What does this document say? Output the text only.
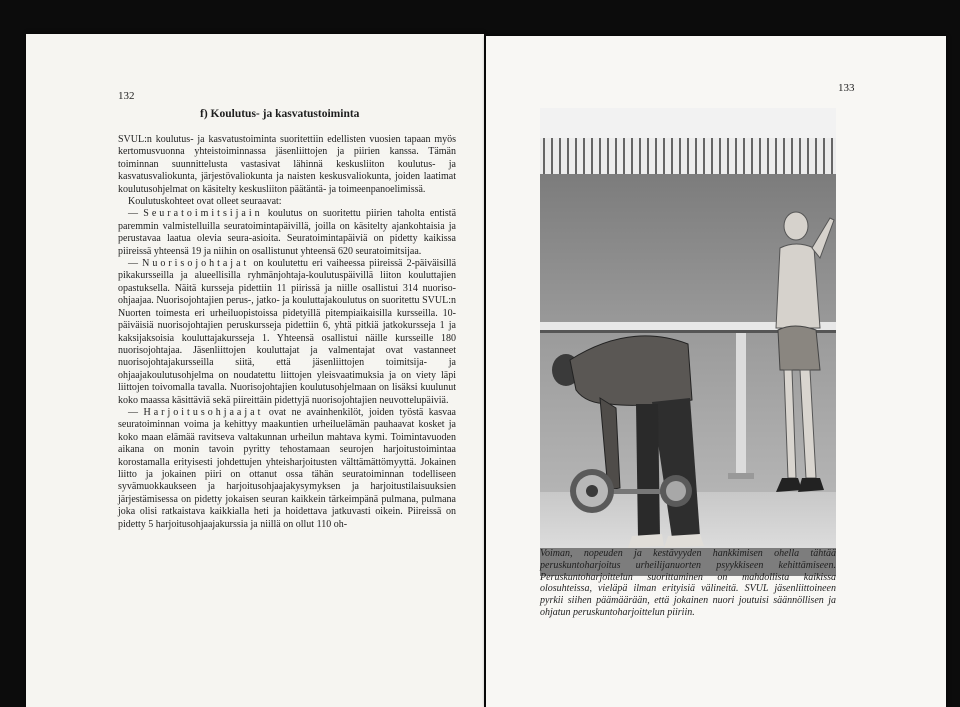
132
f) Koulutus- ja kasvatustoiminta

SVUL:n koulutus- ja kasvatustoiminta suoritettiin edellisten vuosien tapaan myös kertomusvuonna yhteistoiminnassa jäsenliittojen ja piirien kanssa. Tämän toiminnan suunnittelusta vastasivat lähinnä keskusliiton koulutus- ja kasvatusvaliokunta, järjestövaliokunta ja naisten keskusvaliokunta, joiden laatimat koulutusohjelmat on käsitelty keskusliiton päätäntä- ja toimeenpanoelimissä.

Koulutuskohteet ovat olleet seuraavat:

— Seuratoimitsijain koulutus on suoritettu piirien taholta entistä paremmin valmistelluilla seuratoimintapäivillä, joilla on käsitelty ajankohtaisia ja perustavaa laatua olevia seura-asioita. Seuratoimintapäiviä on pidetty kaikissa piireissä yhteensä 19 ja niihin on osallistunut yhteensä 620 seuratoimitsijaa.

— Nuorisojohtajat on koulutettu eri vaiheessa piireissä 2-päiväisillä pikakursseilla ja alueellisilla ryhmänjohtaja-koulutuspäivillä liiton kouluttajien opastuksella. Näitä kursseja pidettiin 11 piirissä ja niille osallistui 314 nuoriso-ohjaajaa. Nuorisojohtajien perus-, jatko- ja kouluttajakoulutus on suoritettu SVUL:n Nuorten toimesta eri urheiluopistoissa pidetyillä pitempiaikaisilla kursseilla. 10-päiväisiä nuorisojohtajien peruskursseja pidettiin 6, yhtä pitkiä jatkokursseja 1 ja kaksijaksoisia kouluttajakursseja 1. Yhteensä osallistui näille kursseille 180 nuorisojohtajaa. Jäsenliittojen kouluttajat ja valmentajat ovat vastanneet nuorisojohtajakursseilla siitä, että jäsenliittojen toimitsija- ja ohjaajakoulutusohjelma on noudatettu liittojen yleisvaatimuksia ja on viety läpi liittojen toivomalla tavalla. Nuorisojohtajien koulutusohjelmaan on lisäksi kuulunut koko maassa käsittäviä sekä piireittäin pidettyjä nuorisojohtajien neuvottelupäiviä.

— Harjoitusohjaajat ovat ne avainhenkilöt, joiden työstä kasvaa seuratoiminnan voima ja kehittyy maakuntien urheiluelämän pauhaavat kosket ja koko maan elämää ravitseva valtakunnan urheilun mahtava kymi. Toimintavuoden aikana on monin tavoin pyritty tehostamaan seurojen harjoitustoimintaa korostamalla erityisesti johdettujen yhteisharjoitusten välttämättömyyttä. Jokainen liitto ja jokainen piiri on ottanut ossa tähän seuratoiminnan todelliseen syvämuokkaukseen ja harjoitusohjaajakysymyksen ja harjoitustilaisuuksien järjestämisessa on pidetty jokaisen seuran kaikkein tärkeimpänä pulmana, pulmana joka olisi ratkaistava kaikkialla heti ja hoidettava jatkuvasti oikein. Piireissä on pidetty 5 harjoitusohjaajakurssia ja niillä on ollut 110 oh-

133
Voiman, nopeuden ja kestävyyden hankkimisen ohella tähtää peruskuntoharjoitus urheilijanuorten psyykkiseen kehittämiseen. Peruskuntoharjoittelun suorittaminen on mahdollista kaikissa olosuhteissa, vieläpä ilman erityisiä välineitä. SVUL jäsenliittoineen pyrkii siihen päämäärään, että jokainen nuori joutuisi säännöllisen ja ohjatun peruskuntoharjoittelun piiriin.
